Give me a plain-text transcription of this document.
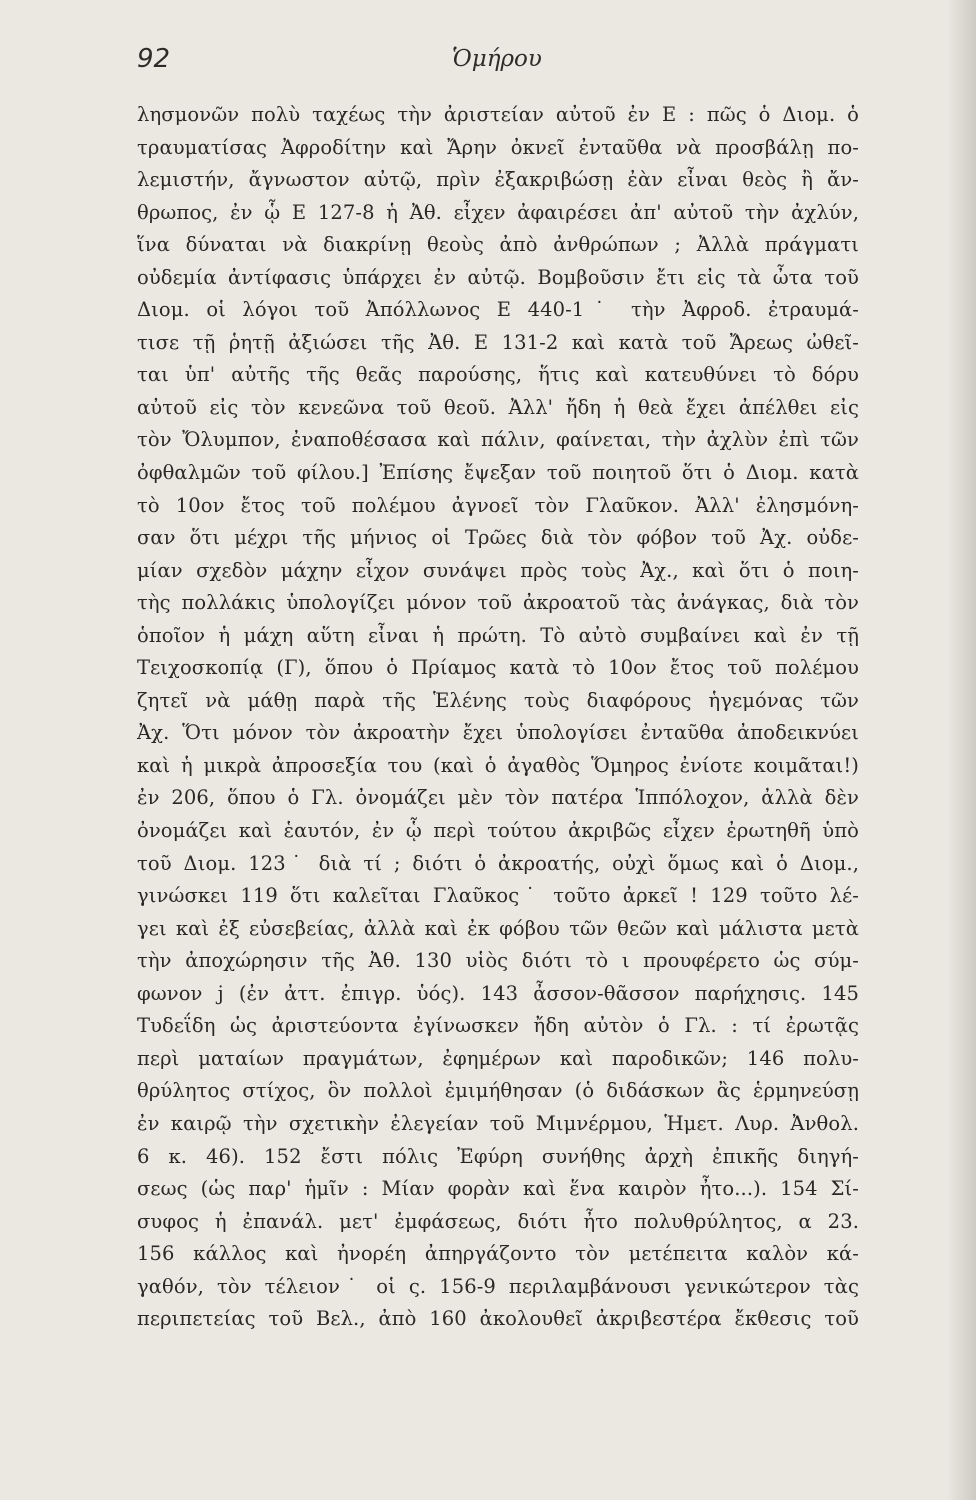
92	Ὁμήρου
λησμονῶν πολὺ ταχέως τὴν ἀριστείαν αὐτοῦ ἐν Ε : πῶς ὁ Διομ. ὁ
τραυματίσας Ἀφροδίτην καὶ Ἄρην ὀκνεῖ ἐνταῦθα νὰ προσβάλῃ πο-
λεμιστήν, ἄγνωστον αὐτῷ, πρὶν ἐξακριβώσῃ ἐὰν εἶναι θεὸς ἢ ἄν-
θρωπος, ἐν ᾧ Ε 127-8 ἡ Ἀθ. εἶχεν ἀφαιρέσει ἀπ' αὐτοῦ τὴν ἀχλύν,
ἵνα δύναται νὰ διακρίνῃ θεοὺς ἀπὸ ἀνθρώπων ; Ἀλλὰ πράγματι
οὐδεμία ἀντίφασις ὑπάρχει ἐν αὐτῷ. Βομβοῦσιν ἔτι εἰς τὰ ὦτα τοῦ
Διομ. οἱ λόγοι τοῦ Ἀπόλλωνος Ε 440-1˙ τὴν Ἀφροδ. ἐτραυμά-
τισε τῇ ῥητῇ ἀξιώσει τῆς Ἀθ. Ε 131-2 καὶ κατὰ τοῦ Ἄρεως ὠθεῖ-
ται ὑπ' αὐτῆς τῆς θεᾶς παρούσης, ἥτις καὶ κατευθύνει τὸ δόρυ
αὐτοῦ εἰς τὸν κενεῶνα τοῦ θεοῦ. Ἀλλ' ἤδη ἡ θεὰ ἔχει ἀπέλθει εἰς
τὸν Ὄλυμπον, ἐναποθέσασα καὶ πάλιν, φαίνεται, τὴν ἀχλὺν ἐπὶ τῶν
ὀφθαλμῶν τοῦ φίλου.] Ἐπίσης ἔψεξαν τοῦ ποιητοῦ ὅτι ὁ Διομ. κατὰ
τὸ 10ον ἔτος τοῦ πολέμου ἀγνοεῖ τὸν Γλαῦκον. Ἀλλ' ἐλησμόνη-
σαν ὅτι μέχρι τῆς μήνιος οἱ Τρῶες διὰ τὸν φόβον τοῦ Ἀχ. οὐδε-
μίαν σχεδὸν μάχην εἶχον συνάψει πρὸς τοὺς Ἀχ., καὶ ὅτι ὁ ποιη-
τὴς πολλάκις ὑπολογίζει μόνον τοῦ ἀκροατοῦ τὰς ἀνάγκας, διὰ τὸν
ὁποῖον ἡ μάχη αὕτη εἶναι ἡ πρώτη. Τὸ αὐτὸ συμβαίνει καὶ ἐν τῇ
Τειχοσκοπίᾳ (Γ), ὅπου ὁ Πρίαμος κατὰ τὸ 10ον ἔτος τοῦ πολέμου
ζητεῖ νὰ μάθῃ παρὰ τῆς Ἑλένης τοὺς διαφόρους ἡγεμόνας τῶν
Ἀχ. Ὅτι μόνον τὸν ἀκροατὴν ἔχει ὑπολογίσει ἐνταῦθα ἀποδεικνύει
καὶ ἡ μικρὰ ἀπροσεξία του (καὶ ὁ ἀγαθὸς Ὅμηρος ἐνίοτε κοιμᾶται!)
ἐν 206, ὅπου ὁ Γλ. ὀνομάζει μὲν τὸν πατέρα Ἱππόλοχον, ἀλλὰ δὲν
ὀνομάζει καὶ ἑαυτόν, ἐν ᾧ περὶ τούτου ἀκριβῶς εἶχεν ἐρωτηθῆ ὑπὸ
τοῦ Διομ. 123˙ διὰ τί ; διότι ὁ ἀκροατής, οὐχὶ ὅμως καὶ ὁ Διομ.,
γινώσκει 119 ὅτι καλεῖται Γλαῦκος˙ τοῦτο ἀρκεῖ ! 129 τοῦτο λέ-
γει καὶ ἐξ εὐσεβείας, ἀλλὰ καὶ ἐκ φόβου τῶν θεῶν καὶ μάλιστα μετὰ
τὴν ἀποχώρησιν τῆς Ἀθ. 130 υἱὸς διότι τὸ ι προυφέρετο ὡς σύμ-
φωνον j (ἐν ἀττ. ἐπιγρ. ὑός). 143 ἆσσον-θᾶσσον παρήχησις. 145
Τυδεΐδη ὡς ἀριστεύοντα ἐγίνωσκεν ἤδη αὐτὸν ὁ Γλ. : τί ἐρωτᾷς
περὶ ματαίων πραγμάτων, ἐφημέρων καὶ παροδικῶν; 146 πολυ-
θρύλητος στίχος, ὃν πολλοὶ ἐμιμήθησαν (ὁ διδάσκων ἂς ἑρμηνεύσῃ
ἐν καιρῷ τὴν σχετικὴν ἐλεγείαν τοῦ Μιμνέρμου, Ἡμετ. Λυρ. Ἀνθολ.
6 κ. 46). 152 ἔστι πόλις Ἐφύρη συνήθης ἀρχὴ ἐπικῆς διηγή-
σεως (ὡς παρ' ἡμῖν : Μίαν φορὰν καὶ ἕνα καιρὸν ἦτο...). 154 Σί-
συφος ἡ ἐπανάλ. μετ' ἐμφάσεως, διότι ἦτο πολυθρύλητος, α 23.
156 κάλλος καὶ ἠνορέη ἀπηργάζοντο τὸν μετέπειτα καλὸν κά-
γαθόν, τὸν τέλειον˙ οἱ ς. 156-9 περιλαμβάνουσι γενικώτερον τὰς
περιπετείας τοῦ Βελ., ἀπὸ 160 ἀκολουθεῖ ἀκριβεστέρα ἔκθεσις τοῦ
